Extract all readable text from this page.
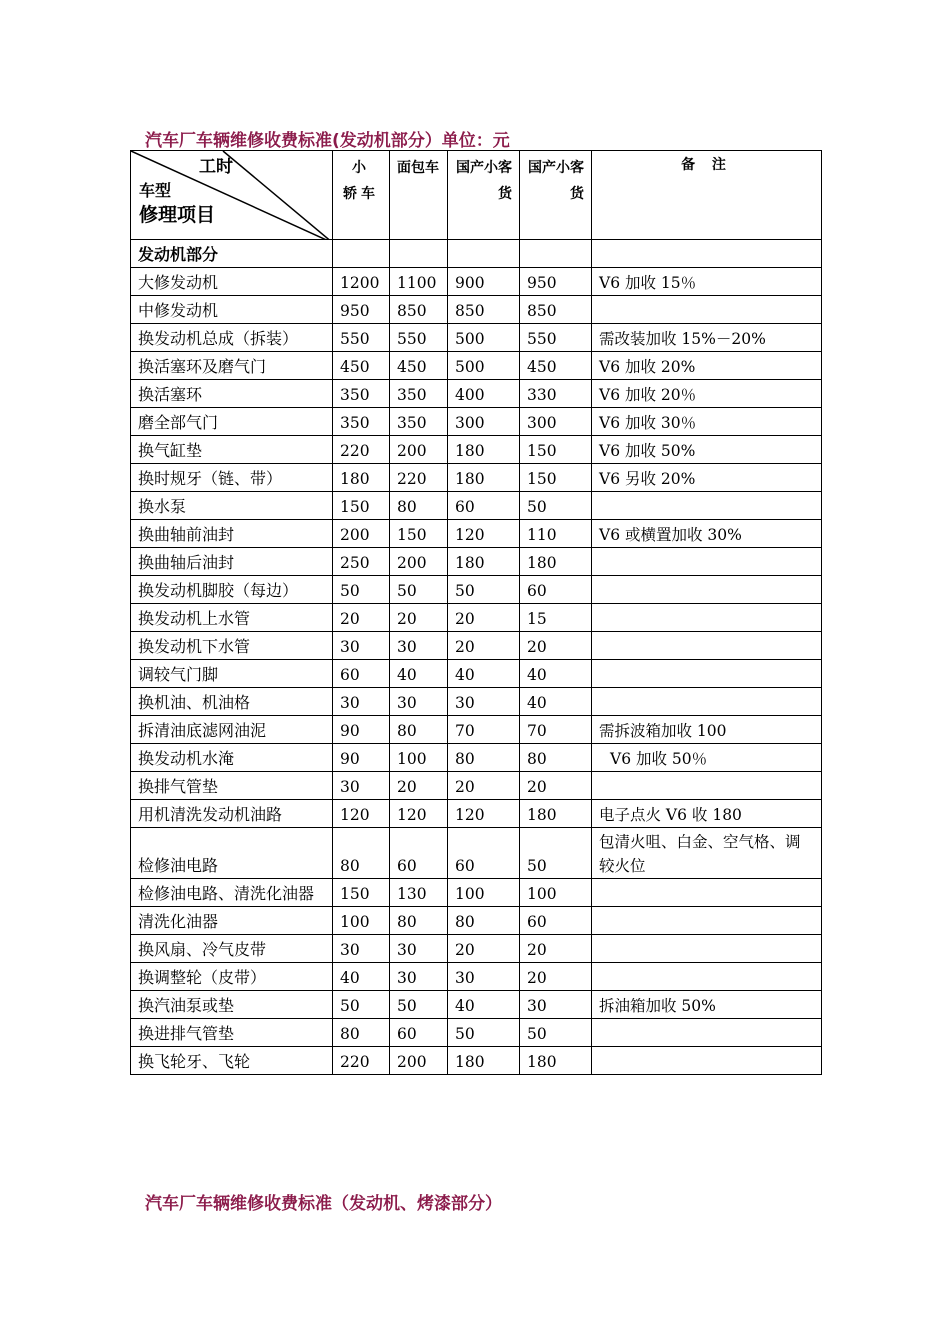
汽车厂车辆维修收费标准(发动机部分）单位：元
工时
车型
修理项目	小 轿车	面包车	国产小客货	国产小客货	备 注
发动机部分					
大修发动机	1200	1100	900	950	V6 加收 15％
中修发动机	950	850	850	850	
换发动机总成（拆装）	550	550	500	550	需改装加收 15%－20%
换活塞环及磨气门	450	450	500	450	V6 加收 20%
换活塞环	350	350	400	330	V6 加收 20％
磨全部气门	350	350	300	300	V6 加收 30％
换气缸垫	220	200	180	150	V6 加收 50%
换时规牙（链、带）	180	220	180	150	V6 另收 20%
换水泵	150	80	60	50	
换曲轴前油封	200	150	120	110	V6 或横置加收 30%
换曲轴后油封	250	200	180	180	
换发动机脚胶（每边）	50	50	50	60	
换发动机上水管	20	20	20	15	
换发动机下水管	30	30	20	20	
调较气门脚	60	40	40	40	
换机油、机油格	30	30	30	40	
拆清油底滤网油泥	90	80	70	70	需拆波箱加收 100
换发动机水淹	90	100	80	80	V6 加收 50％
换排气管垫	30	20	20	20	
用机清洗发动机油路	120	120	120	180	电子点火 V6 收 180
检修油电路	80	60	60	50	包清火咀、白金、空气格、调较火位
检修油电路、清洗化油器	150	130	100	100	
清洗化油器	100	80	80	60	
换风扇、冷气皮带	30	30	20	20	
换调整轮（皮带）	40	30	30	20	
换汽油泵或垫	50	50	40	30	拆油箱加收 50%
换进排气管垫	80	60	50	50	
换飞轮牙、飞轮	220	200	180	180	
汽车厂车辆维修收费标准（发动机、烤漆部分）
